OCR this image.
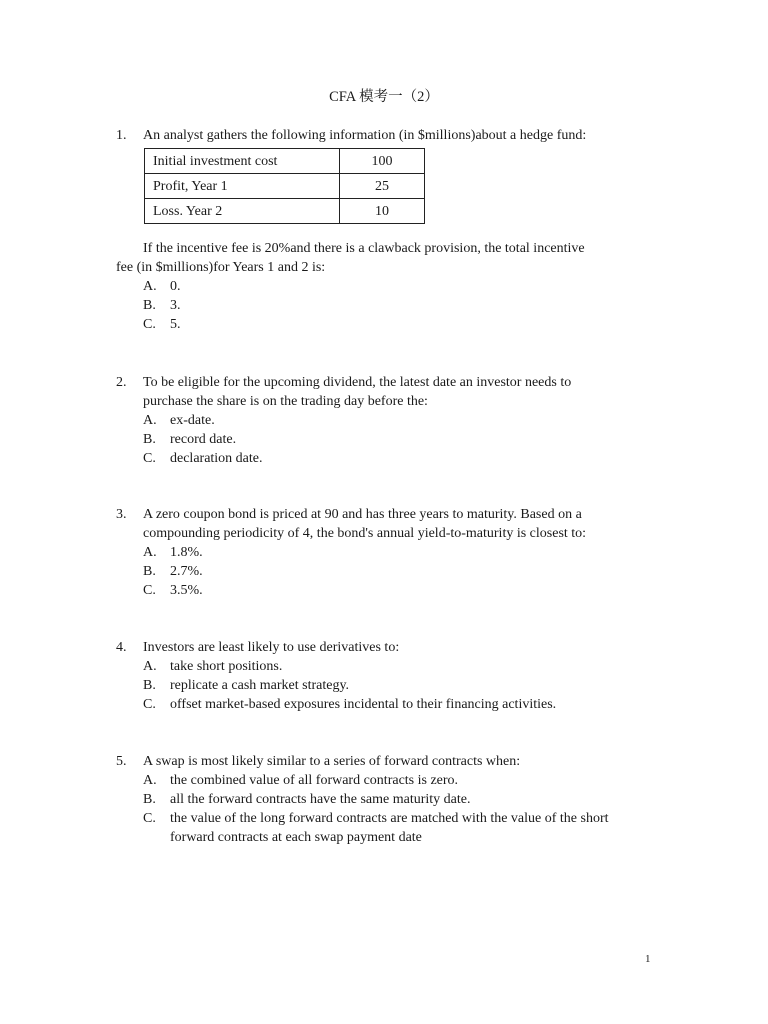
CFA 模考一（2）
1. An analyst gathers the following information (in $millions)about a hedge fund:
Initial investment cost	100
Profit, Year 1	25
Loss. Year 2	10
If the incentive fee is 20%and there is a clawback provision, the total incentive
fee (in $millions)for Years 1 and 2 is:
A. 0.
B. 3.
C. 5.
2. To be eligible for the upcoming dividend, the latest date an investor needs to purchase the share is on the trading day before the:
A. ex-date.
B. record date.
C. declaration date.
3. A zero coupon bond is priced at 90 and has three years to maturity. Based on a compounding periodicity of 4, the bond's annual yield-to-maturity is closest to:
A. 1.8%.
B. 2.7%.
C. 3.5%.
4. Investors are least likely to use derivatives to:
A. take short positions.
B. replicate a cash market strategy.
C. offset market-based exposures incidental to their financing activities.
5. A swap is most likely similar to a series of forward contracts when:
A. the combined value of all forward contracts is zero.
B. all the forward contracts have the same maturity date.
C. the value of the long forward contracts are matched with the value of the short forward contracts at each swap payment date
1
